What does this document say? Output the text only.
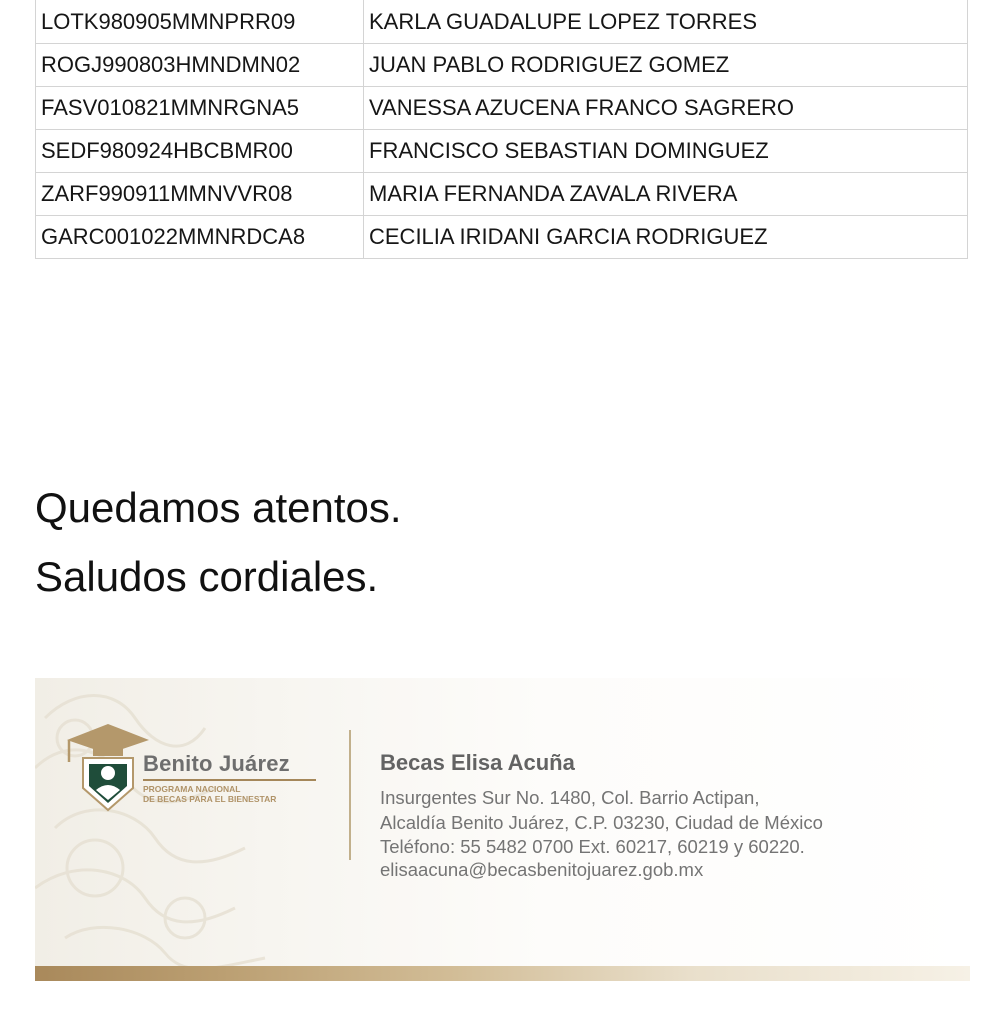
LOTK980905MMNPRR09	KARLA GUADALUPE LOPEZ TORRES
ROGJ990803HMNDMN02	JUAN PABLO RODRIGUEZ GOMEZ
FASV010821MMNRGNA5	VANESSA AZUCENA FRANCO SAGRERO
SEDF980924HBCBMR00	FRANCISCO SEBASTIAN DOMINGUEZ
ZARF990911MMNVVR08	MARIA FERNANDA ZAVALA RIVERA
GARC001022MMNRDCA8	CECILIA IRIDANI GARCIA RODRIGUEZ

Quedamos atentos.

Saludos cordiales.

Benito Juárez
PROGRAMA NACIONAL
DE BECAS PARA EL BIENESTAR
Becas Elisa Acuña
Insurgentes Sur No. 1480, Col. Barrio Actipan,
Alcaldía Benito Juárez, C.P. 03230, Ciudad de México
Teléfono: 55 5482 0700 Ext. 60217, 60219 y 60220.
elisaacuna@becasbenitojuarez.gob.mx
